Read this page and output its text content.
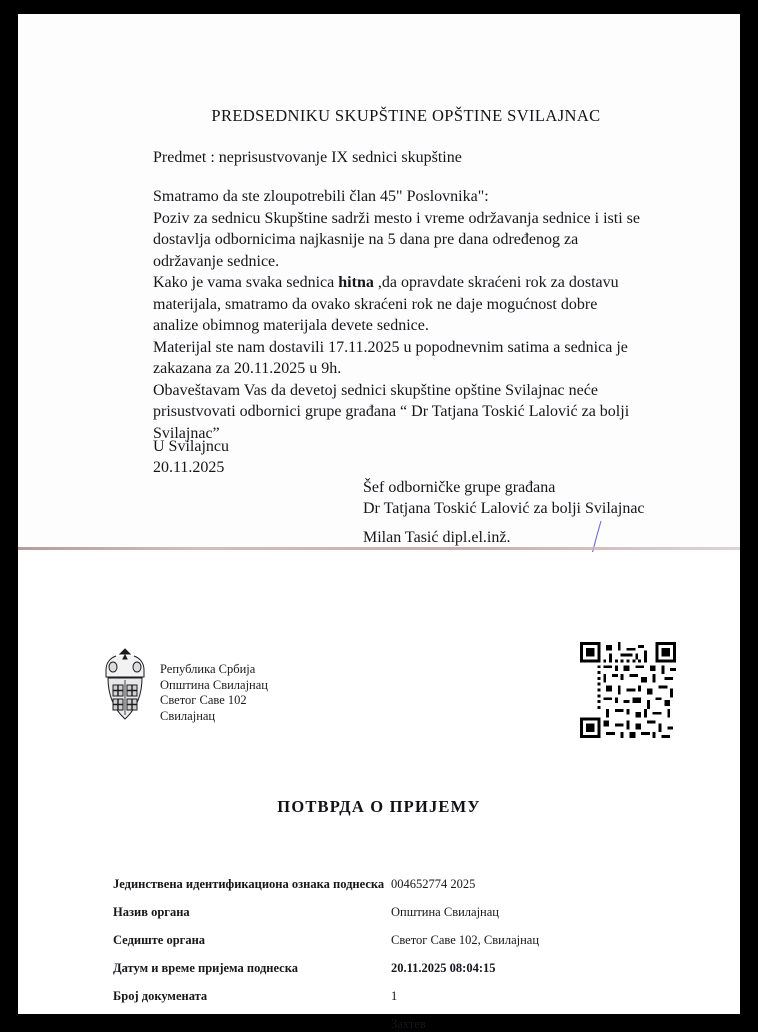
PREDSEDNIKU SKUPŠTINE OPŠTINE SVILAJNAC
Predmet : neprisustvovanje IX sednici skupštine

Smatramo da ste zloupotrebili član 45" Poslovnika":

Poziv za sednicu Skupštine sadrži mesto i vreme održavanja sednice i isti se dostavlja odbornicima najkasnije na 5 dana pre dana određenog za održavanje sednice.

Kako je vama svaka sednica hitna ,da opravdate skraćeni rok za dostavu materijala, smatramo da ovako skraćeni rok ne daje mogućnost dobre analize obimnog materijala devete sednice.

Materijal ste nam dostavili 17.11.2025 u popodnevnim satima a sednica je zakazana za 20.11.2025 u 9h.

Obaveštavam Vas da devetoj sednici skupštine opštine Svilajnac neće prisustvovati odbornici grupe građana “ Dr Tatjana Toskić Lalović za bolji Svilajnac”

U Svilajncu
20.11.2025
Šef odborničke grupe građana
Dr Tatjana Toskić Lalović za bolji Svilajnac
Milan Tasić dipl.el.inž.
Република Србија
Општина Свилајнац
Светог Саве 102
Свилајнац
ПОТВРДА О ПРИЈЕМУ
Јединствена идентификациона ознака поднеска 004652774 2025
Назив органа	Општина Свилајнац
Седиште органа	Светог Саве 102, Свилајнац
Датум и време пријема поднеска	20.11.2025 08:04:15
Број докумената	1
Захтев
